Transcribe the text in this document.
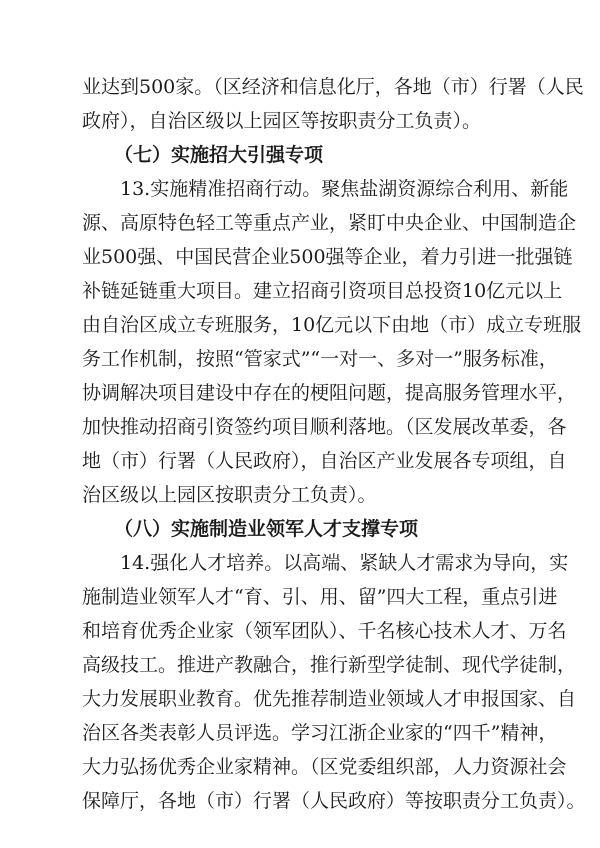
业达到500家。（区经济和信息化厅，各地（市）行署（人民
政府），自治区级以上园区等按职责分工负责）。
（七）实施招大引强专项
13.实施精准招商行动。聚焦盐湖资源综合利用、新能
源、高原特色轻工等重点产业，紧盯中央企业、中国制造企
业500强、中国民营企业500强等企业，着力引进一批强链
补链延链重大项目。建立招商引资项目总投资10亿元以上
由自治区成立专班服务，10亿元以下由地（市）成立专班服
务工作机制，按照“管家式”“一对一、多对一”服务标准，
协调解决项目建设中存在的梗阻问题，提高服务管理水平，
加快推动招商引资签约项目顺利落地。（区发展改革委，各
地（市）行署（人民政府），自治区产业发展各专项组，自
治区级以上园区按职责分工负责）。
（八）实施制造业领军人才支撑专项
14.强化人才培养。以高端、紧缺人才需求为导向，实
施制造业领军人才“育、引、用、留”四大工程，重点引进
和培育优秀企业家（领军团队）、千名核心技术人才、万名
高级技工。推进产教融合，推行新型学徒制、现代学徒制，
大力发展职业教育。优先推荐制造业领域人才申报国家、自
治区各类表彰人员评选。学习江浙企业家的“四千”精神，
大力弘扬优秀企业家精神。（区党委组织部，人力资源社会
保障厅，各地（市）行署（人民政府）等按职责分工负责）。
